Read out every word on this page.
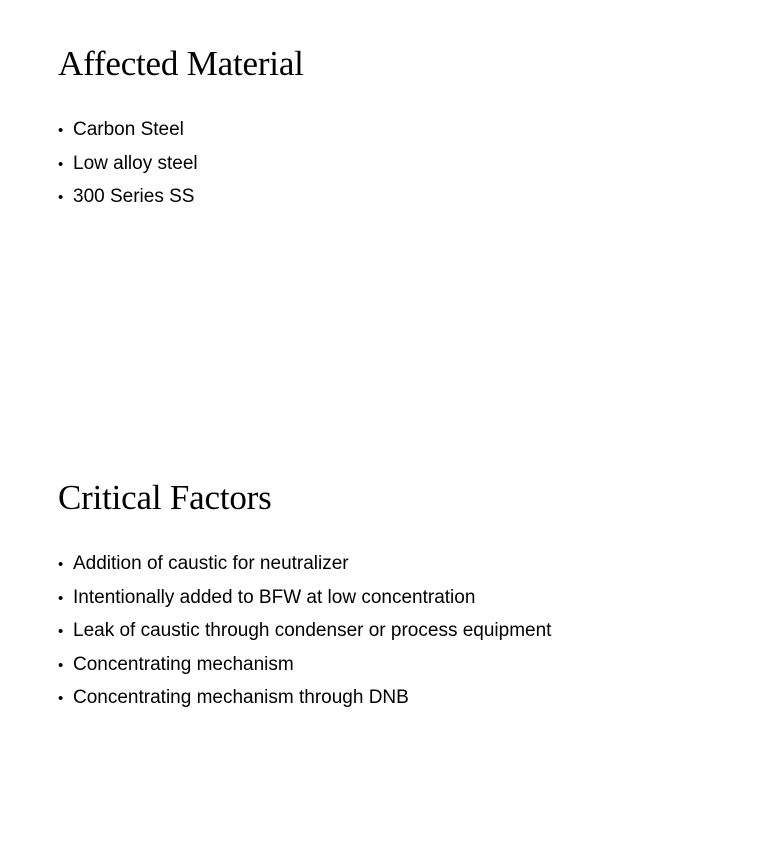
Affected Material
• Carbon Steel
• Low alloy steel
• 300 Series SS
Critical Factors
• Addition of caustic for neutralizer
• Intentionally added to BFW at low concentration
• Leak of caustic through condenser or process equipment
• Concentrating mechanism
• Concentrating mechanism through DNB
